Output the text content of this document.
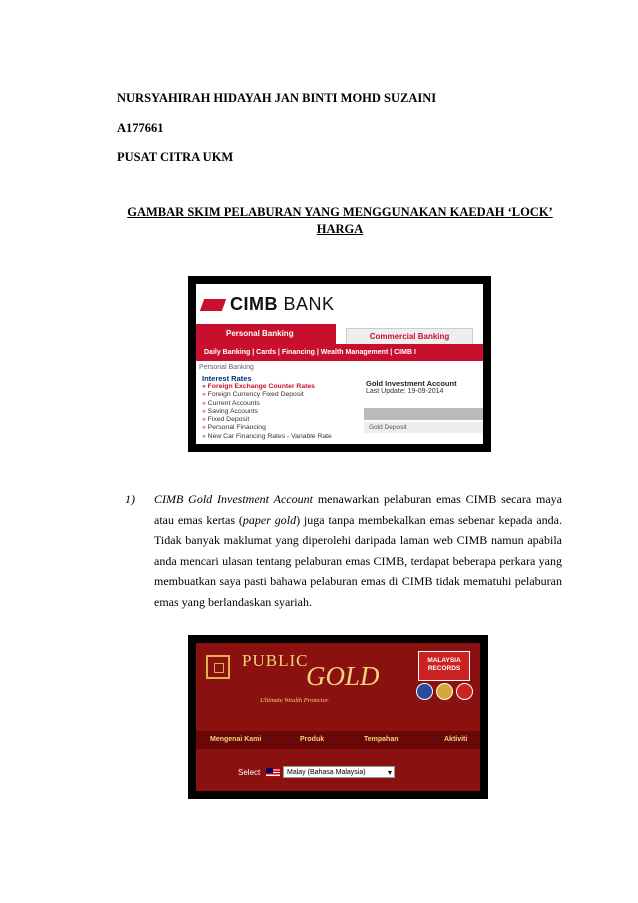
NURSYAHIRAH HIDAYAH JAN BINTI MOHD SUZAINI
A177661
PUSAT CITRA UKM
GAMBAR SKIM PELABURAN YANG MENGGUNAKAN KAEDAH ‘LOCK’ HARGA
CIMB BANK
Personal Banking	Commercial Banking
Daily Banking | Cards | Financing | Wealth Management | CIMB I
Personal Banking
Interest Rates
» Foreign Exchange Counter Rates
» Foreign Currency Fixed Deposit
» Current Accounts
» Saving Accounts
» Fixed Deposit
» Personal Financing
» New Car Financing Rates - Variable Rate
Gold Investment Account
Last Update: 19-09-2014
Gold Deposit
1) CIMB Gold Investment Account menawarkan pelaburan emas CIMB secara maya atau emas kertas (paper gold) juga tanpa membekalkan emas sebenar kepada anda. Tidak banyak maklumat yang diperolehi daripada laman web CIMB namun apabila anda mencari ulasan tentang pelaburan emas CIMB, terdapat beberapa perkara yang membuatkan saya pasti bahawa pelaburan emas di CIMB tidak mematuhi pelaburan emas yang berlandaskan syariah.
PUBLIC
GOLD
Ultimate Wealth Protector
MALAYSIA RECORDS
Mengenai Kami	Produk	Tempahan	Aktiviti
Select	Malay (Bahasa Malaysia) ▾
